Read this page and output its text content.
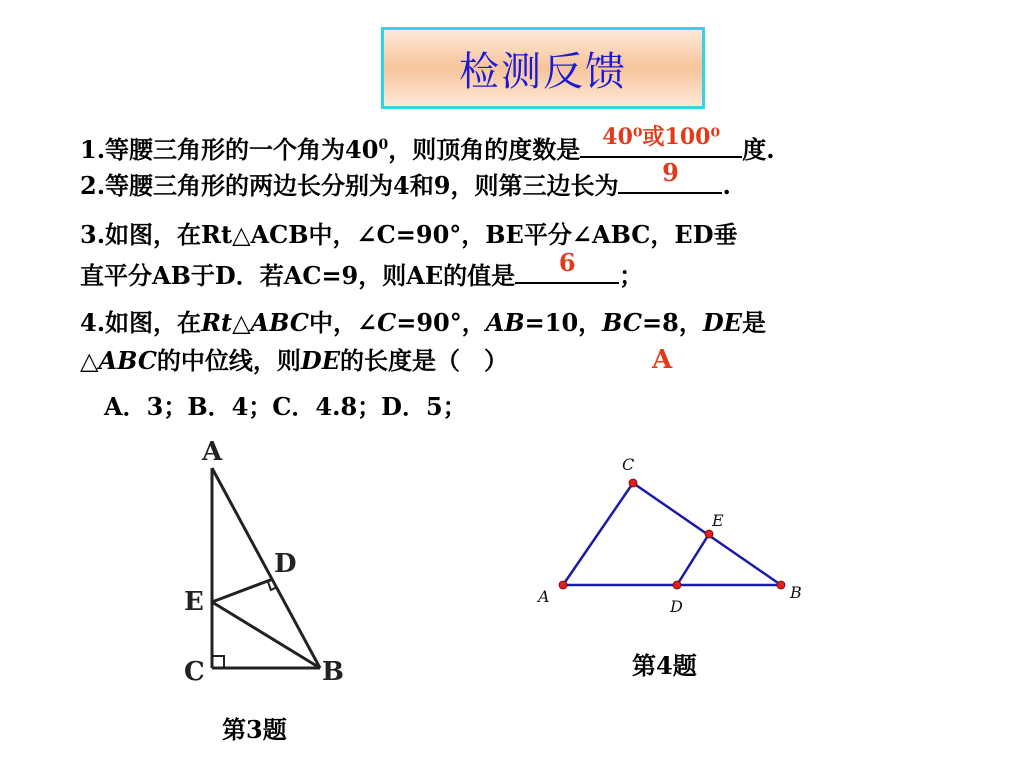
检测反馈
1.等腰三角形的一个角为$40^0$，则顶角的度数是	40⁰或100⁰ 度.
2.等腰三角形的两边长分别为4和9，则第三边长为	9	.
3.如图，在Rt△ACB中，∠C=90°，BE平分∠ABC，ED垂
直平分AB于D．若AC=9，则AE的值是	6	；
4.如图，在Rt△ABC中，∠C=90°，AB=10，BC=8，DE是
△ABC的中位线，则DE的长度是（　）	A
A．3；B．4；C．4.8；D．5；
A
D
E
C	B
第3题
C
E
A
D
B
第4题
